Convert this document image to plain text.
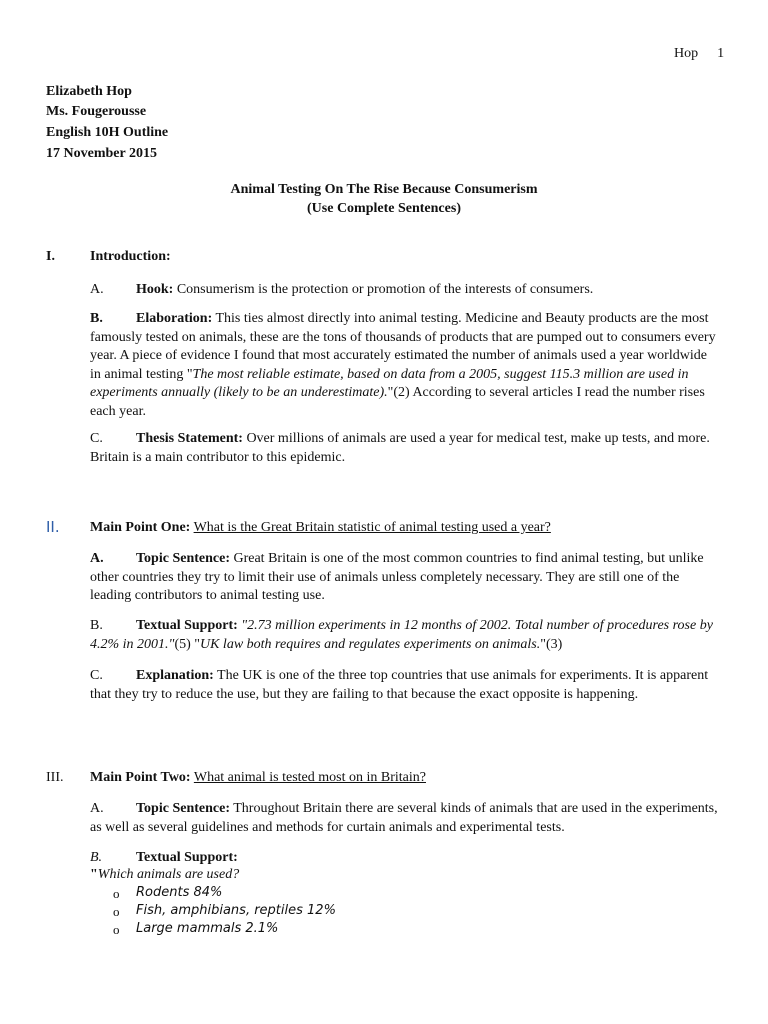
Hop 1
Elizabeth Hop
Ms. Fougerousse
English 10H Outline
17 November 2015
Animal Testing On The Rise Because Consumerism
(Use Complete Sentences)
I.	Introduction:
A. Hook: Consumerism is the protection or promotion of the interests of consumers.
B. Elaboration: This ties almost directly into animal testing. Medicine and Beauty products are the most famously tested on animals, these are the tons of thousands of products that are pumped out to consumers every year. A piece of evidence I found that most accurately estimated the number of animals used a year worldwide in animal testing "The most reliable estimate, based on data from a 2005, suggest 115.3 million are used in experiments annually (likely to be an underestimate)."(2) According to several articles I read the number rises each year.
C. Thesis Statement: Over millions of animals are used a year for medical test, make up tests, and more. Britain is a main contributor to this epidemic.
II. Main Point One: What is the Great Britain statistic of animal testing used a year?
A. Topic Sentence: Great Britain is one of the most common countries to find animal testing, but unlike other countries they try to limit their use of animals unless completely necessary. They are still one of the leading contributors to animal testing use.
B. Textual Support: "2.73 million experiments in 12 months of 2002. Total number of procedures rose by 4.2% in 2001."(5) "UK law both requires and regulates experiments on animals."(3)
C. Explanation: The UK is one of the three top countries that use animals for experiments. It is apparent that they try to reduce the use, but they are failing to that because the exact opposite is happening.
III. Main Point Two: What animal is tested most on in Britain?
A. Topic Sentence: Throughout Britain there are several kinds of animals that are used in the experiments, as well as several guidelines and methods for curtain animals and experimental tests.
B. Textual Support:
"Which animals are used?
o	Rodents 84%
o	Fish, amphibians, reptiles 12%
o	Large mammals 2.1%
